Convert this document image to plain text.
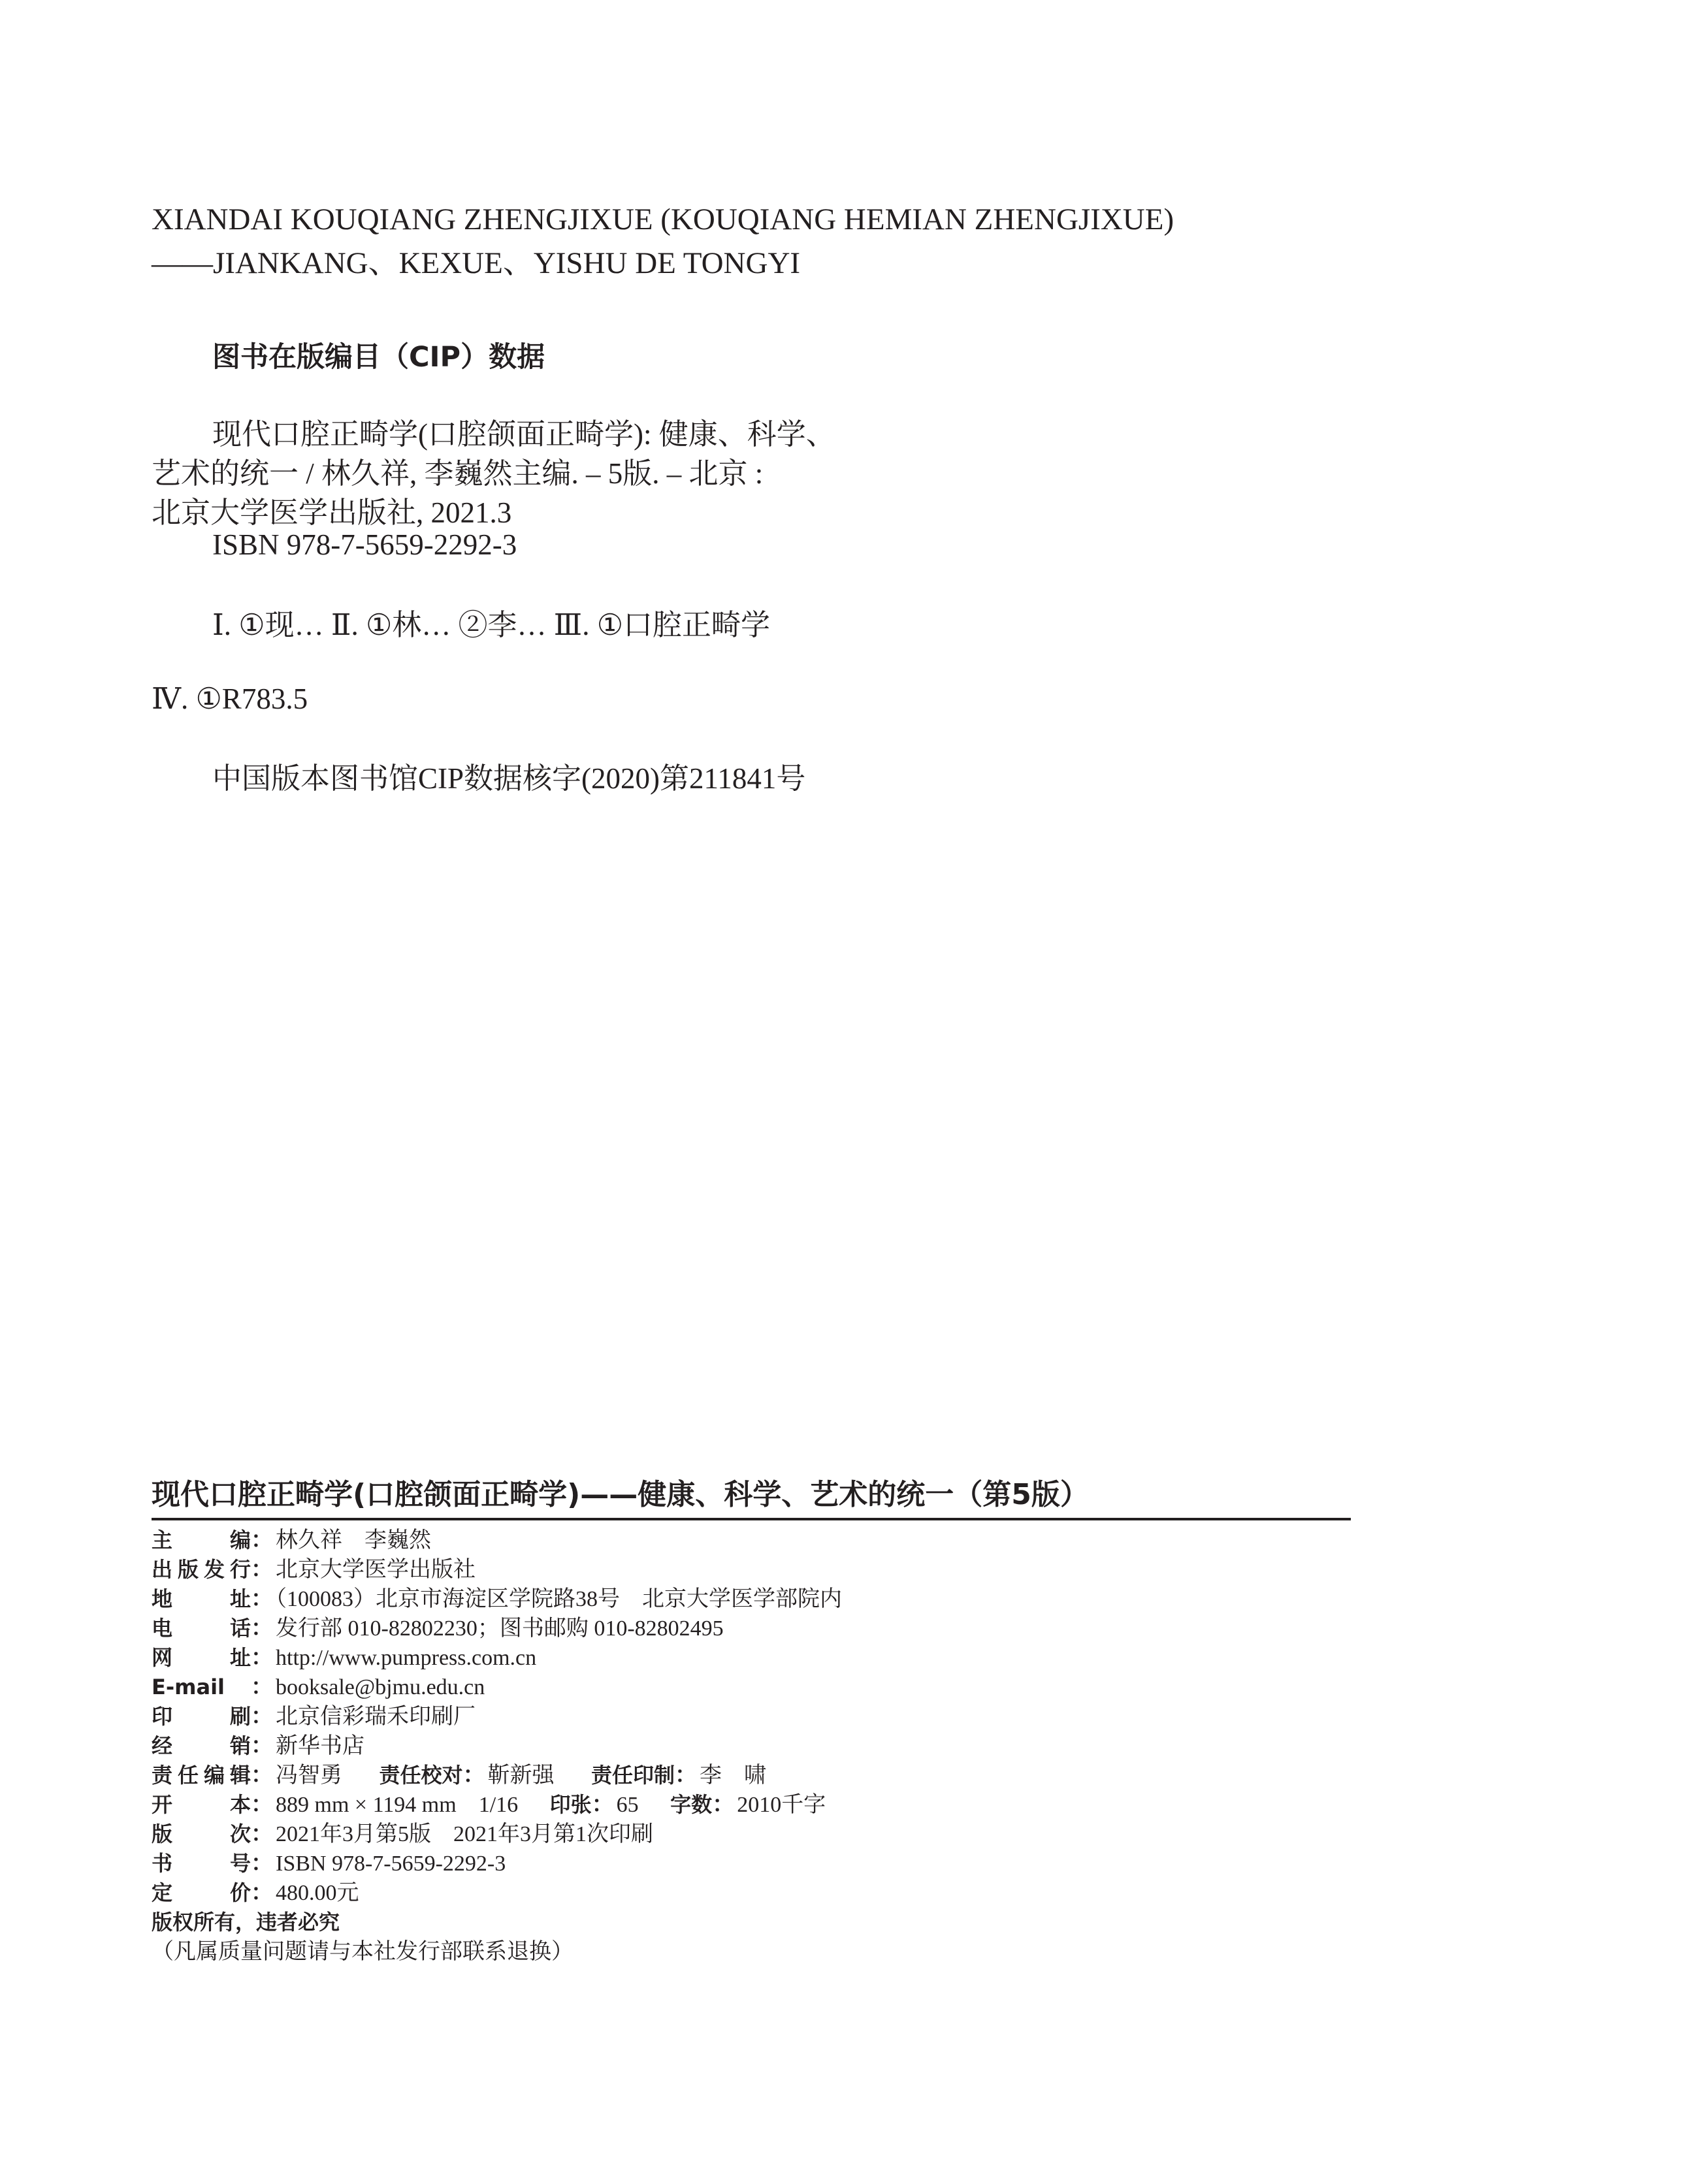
XIANDAI KOUQIANG ZHENGJIXUE (KOUQIANG HEMIAN ZHENGJIXUE)
——JIANKANG、KEXUE、YISHU DE TONGYI
图书在版编目（CIP）数据
现代口腔正畸学(口腔颌面正畸学): 健康、科学、
艺术的统一 / 林久祥, 李巍然主编. – 5版. – 北京 :
北京大学医学出版社, 2021.3
ISBN 978-7-5659-2292-3
Ⅰ. ①现… Ⅱ. ①林… ②李… Ⅲ. ①口腔正畸学
Ⅳ. ①R783.5
中国版本图书馆CIP数据核字(2020)第211841号
现代口腔正畸学(口腔颌面正畸学)——健康、科学、艺术的统一（第5版）
主编： 林久祥　李巍然
出版发行： 北京大学医学出版社
地址： （100083）北京市海淀区学院路38号　北京大学医学部院内
电话： 发行部 010-82802230；图书邮购 010-82802495
网址： http://www.pumpress.com.cn
E-mail ： booksale@bjmu.edu.cn
印刷： 北京信彩瑞禾印刷厂
经销： 新华书店
责任编辑： 冯智勇 责任校对： 靳新强 责任印制： 李　啸
开本： 889 mm × 1194 mm　1/16 印张： 65 字数： 2010千字
版次： 2021年3月第5版　2021年3月第1次印刷
书号： ISBN 978-7-5659-2292-3
定价： 480.00元
版权所有，违者必究
（凡属质量问题请与本社发行部联系退换）
